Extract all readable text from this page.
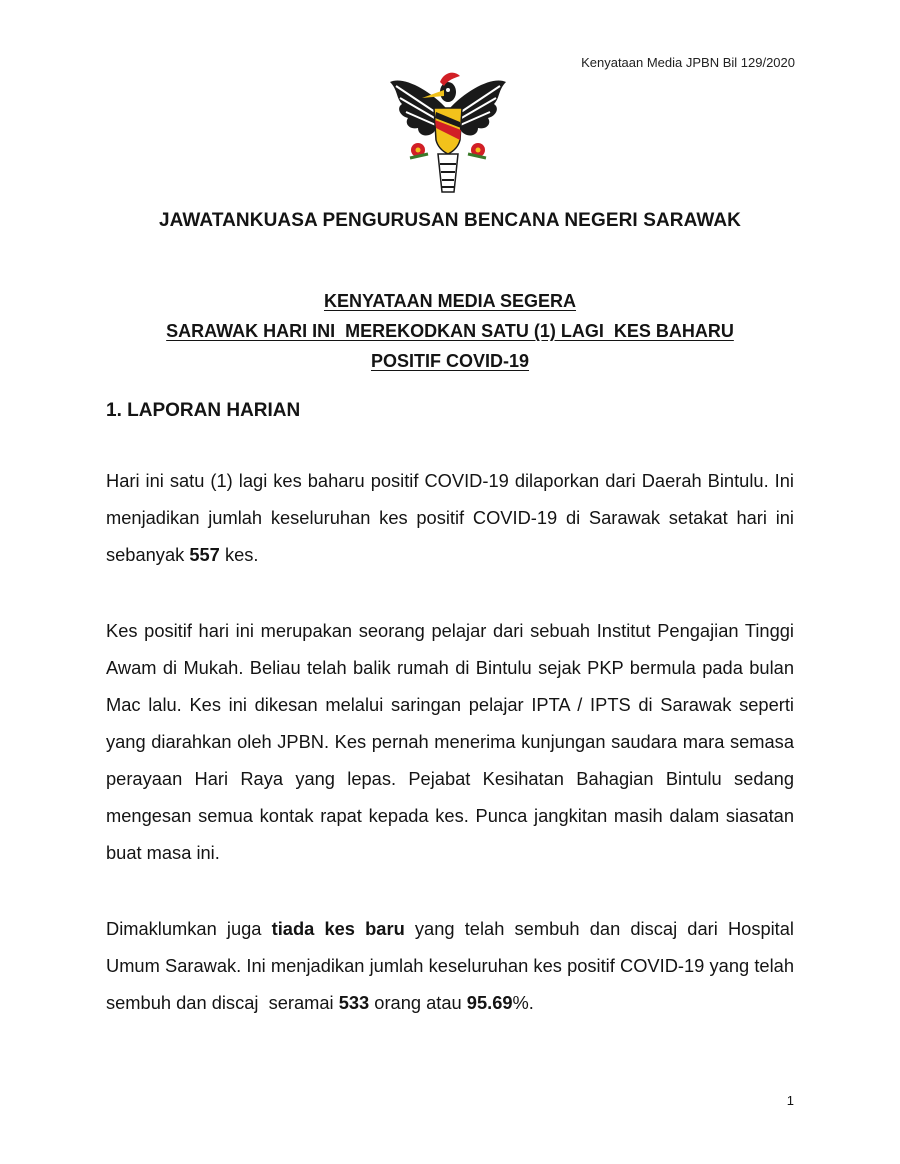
Kenyataan Media JPBN Bil 129/2020
JAWATANKUASA PENGURUSAN BENCANA NEGERI SARAWAK
KENYATAAN MEDIA SEGERA
SARAWAK HARI INI  MEREKODKAN SATU (1) LAGI  KES BAHARU
POSITIF COVID-19
1. LAPORAN HARIAN

Hari ini satu (1) lagi kes baharu positif COVID-19 dilaporkan dari Daerah Bintulu. Ini menjadikan jumlah keseluruhan kes positif COVID-19 di Sarawak setakat hari ini sebanyak 557 kes.

Kes positif hari ini merupakan seorang pelajar dari sebuah Institut Pengajian Tinggi Awam di Mukah. Beliau telah balik rumah di Bintulu sejak PKP bermula pada bulan Mac lalu. Kes ini dikesan melalui saringan pelajar IPTA / IPTS di Sarawak seperti yang diarahkan oleh JPBN. Kes pernah menerima kunjungan saudara mara semasa perayaan Hari Raya yang lepas. Pejabat Kesihatan Bahagian Bintulu sedang mengesan semua kontak rapat kepada kes. Punca jangkitan masih dalam siasatan buat masa ini.

Dimaklumkan juga tiada kes baru yang telah sembuh dan discaj dari Hospital Umum Sarawak. Ini menjadikan jumlah keseluruhan kes positif COVID-19 yang telah sembuh dan discaj  seramai 533 orang atau 95.69%.

1
